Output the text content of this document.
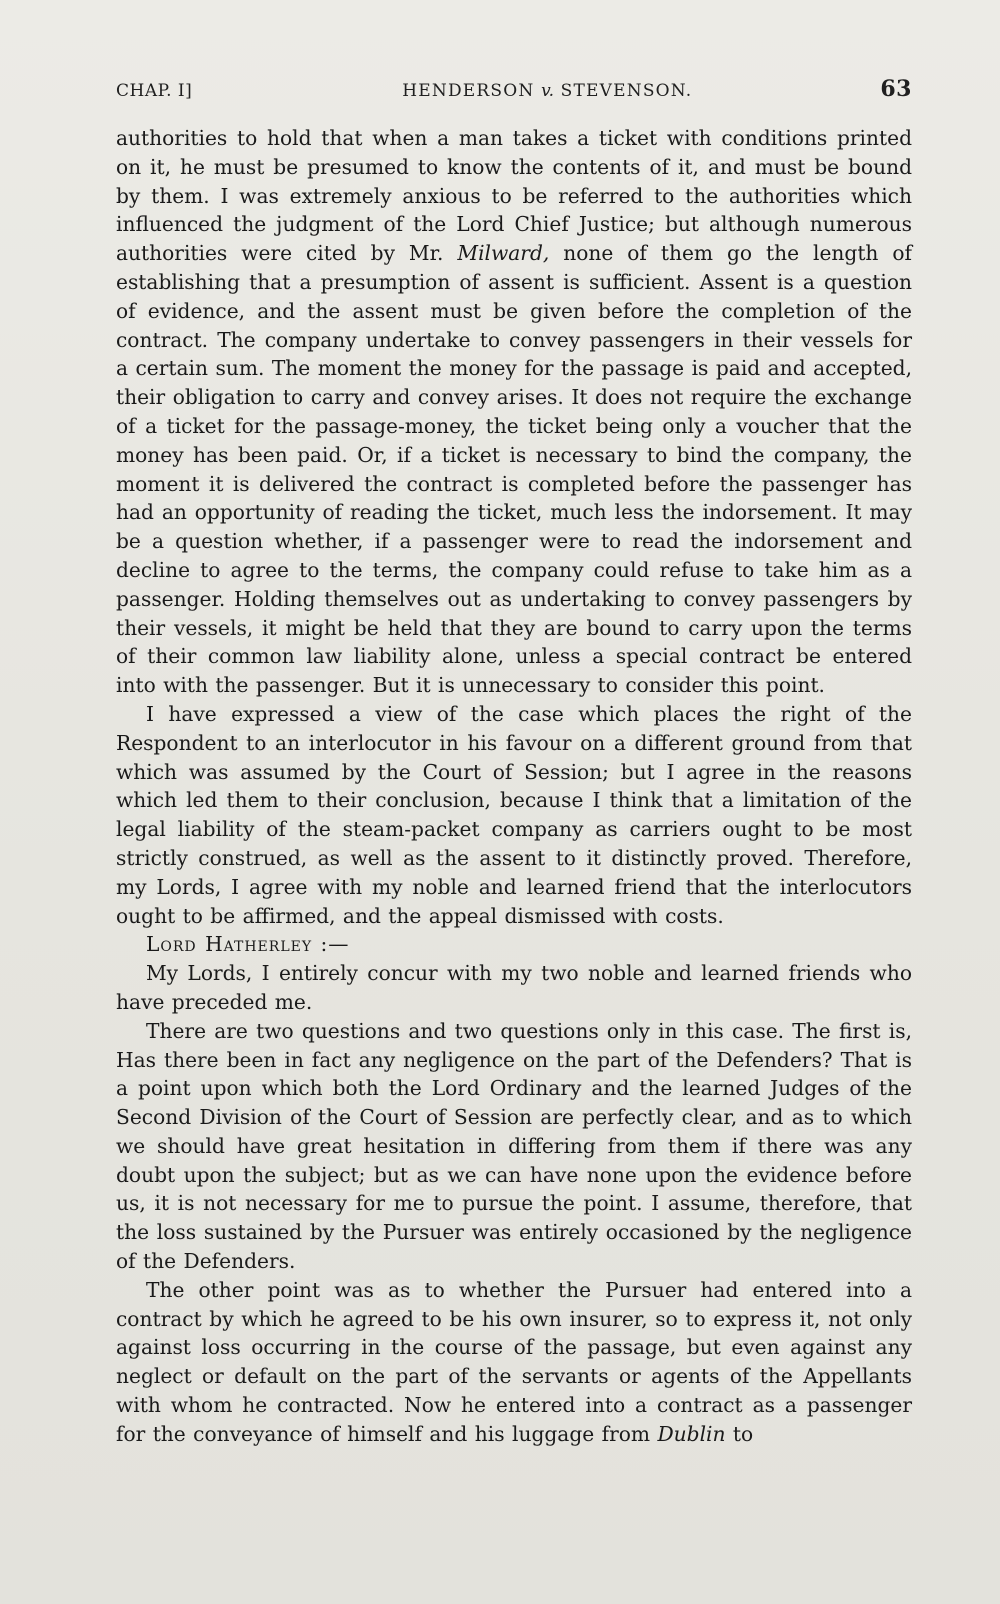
CHAP. I]	HENDERSON v. STEVENSON.	63

authorities to hold that when a man takes a ticket with conditions printed on it, he must be presumed to know the contents of it, and must be bound by them. I was extremely anxious to be referred to the authorities which influenced the judgment of the Lord Chief Justice; but although numerous authorities were cited by Mr. Milward, none of them go the length of establishing that a presumption of assent is sufficient. Assent is a question of evidence, and the assent must be given before the completion of the contract. The company undertake to convey passengers in their vessels for a certain sum. The moment the money for the passage is paid and accepted, their obligation to carry and convey arises. It does not require the exchange of a ticket for the passage-money, the ticket being only a voucher that the money has been paid. Or, if a ticket is necessary to bind the company, the moment it is delivered the contract is completed before the passenger has had an opportunity of reading the ticket, much less the indorsement. It may be a question whether, if a passenger were to read the indorsement and decline to agree to the terms, the company could refuse to take him as a passenger. Holding themselves out as undertaking to convey passengers by their vessels, it might be held that they are bound to carry upon the terms of their common law liability alone, unless a special contract be entered into with the passenger. But it is unnecessary to consider this point.

I have expressed a view of the case which places the right of the Respondent to an interlocutor in his favour on a different ground from that which was assumed by the Court of Session; but I agree in the reasons which led them to their conclusion, because I think that a limitation of the legal liability of the steam-packet company as carriers ought to be most strictly construed, as well as the assent to it distinctly proved. Therefore, my Lords, I agree with my noble and learned friend that the interlocutors ought to be affirmed, and the appeal dismissed with costs.

Lord Hatherley :—

My Lords, I entirely concur with my two noble and learned friends who have preceded me.

There are two questions and two questions only in this case. The first is, Has there been in fact any negligence on the part of the Defenders? That is a point upon which both the Lord Ordinary and the learned Judges of the Second Division of the Court of Session are perfectly clear, and as to which we should have great hesitation in differing from them if there was any doubt upon the subject; but as we can have none upon the evidence before us, it is not necessary for me to pursue the point. I assume, therefore, that the loss sustained by the Pursuer was entirely occasioned by the negligence of the Defenders.

The other point was as to whether the Pursuer had entered into a contract by which he agreed to be his own insurer, so to express it, not only against loss occurring in the course of the passage, but even against any neglect or default on the part of the servants or agents of the Appellants with whom he contracted. Now he entered into a contract as a passenger for the conveyance of himself and his luggage from Dublin to
